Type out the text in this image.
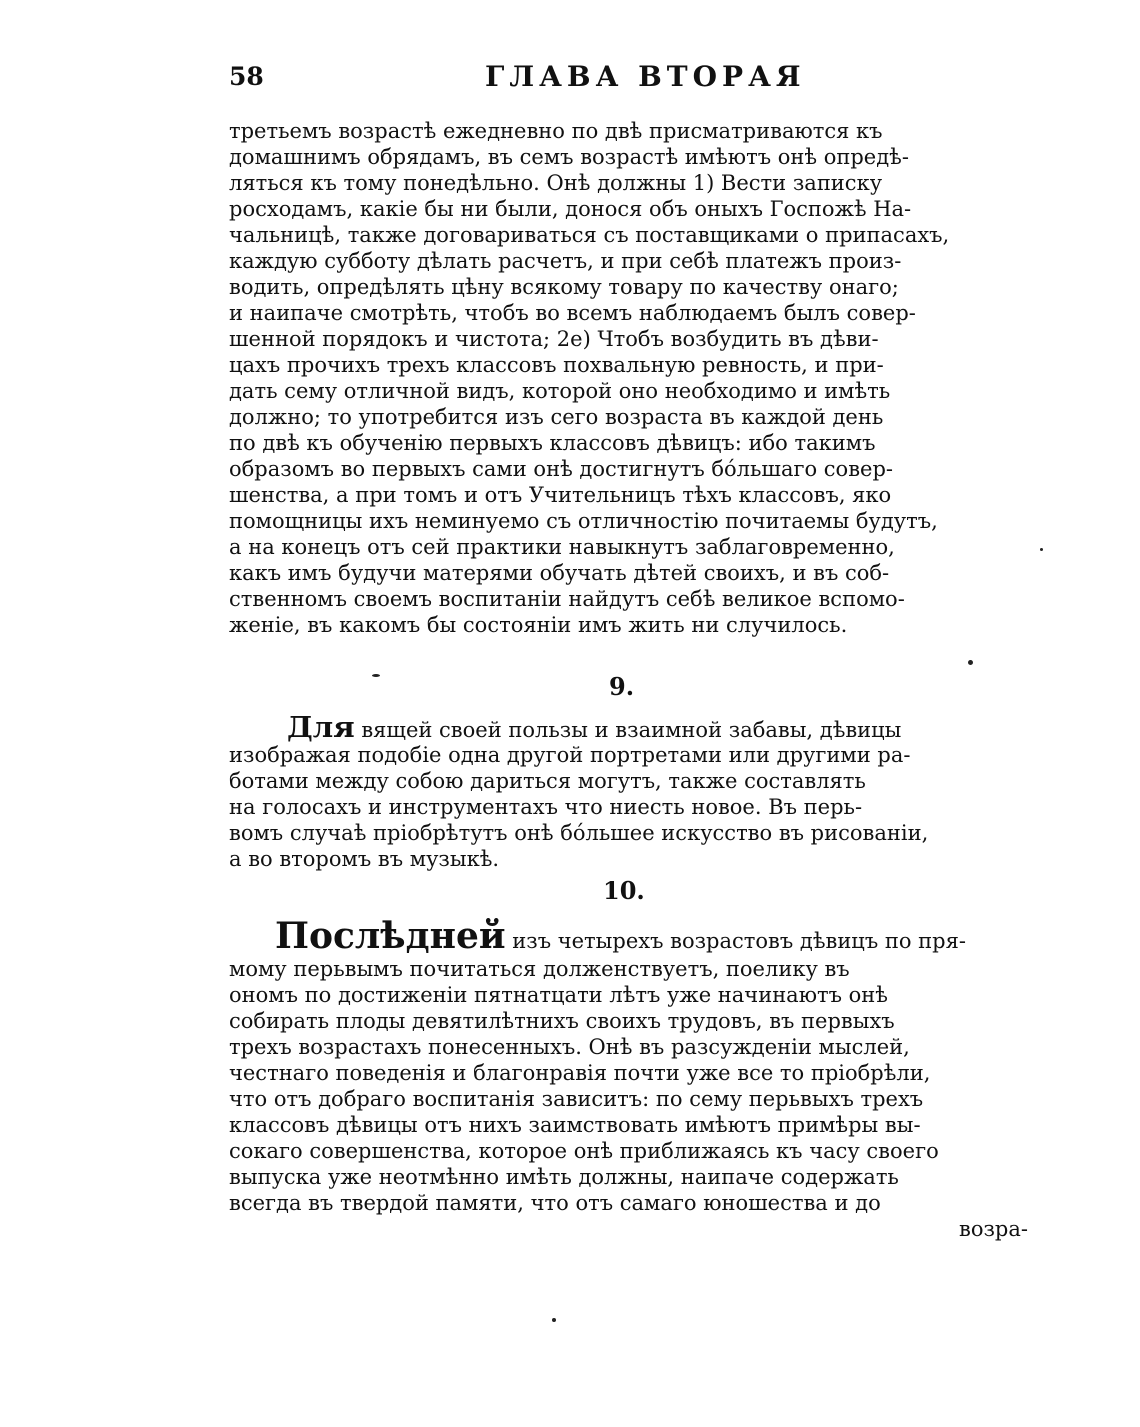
58	ГЛАВА ВТОРАЯ
третьемъ возрастѣ ежедневно по двѣ присматриваются къ
домашнимъ обрядамъ, въ семъ возрастѣ имѣютъ онѣ опредѣ-
ляться къ тому понедѣльно. Онѣ должны 1) Вести записку
росходамъ, какіе бы ни были, донося объ оныхъ Госпожѣ На-
чальницѣ, также договариваться съ поставщиками о припасахъ,
каждую субботу дѣлать расчетъ, и при себѣ платежъ произ-
водить, опредѣлять цѣну всякому товару по качеству онаго;
и наипаче смотрѣть, чтобъ во всемъ наблюдаемъ былъ совер-
шенной порядокъ и чистота; 2е) Чтобъ возбудить въ дѣви-
цахъ прочихъ трехъ классовъ похвальную ревность, и при-
дать сему отличной видъ, которой оно необходимо и имѣть
должно; то употребится изъ сего возраста въ каждой день
по двѣ къ обученію первыхъ классовъ дѣвицъ: ибо такимъ
образомъ во первыхъ сами онѣ достигнутъ бóльшаго совер-
шенства, а при томъ и отъ Учительницъ тѣхъ классовъ, яко
помощницы ихъ неминуемо съ отличностію почитаемы будутъ,
а на конецъ отъ сей практики навыкнутъ заблаговременно,
какъ имъ будучи матерями обучать дѣтей своихъ, и въ соб-
ственномъ своемъ воспитаніи найдутъ себѣ великое вспомо-
женіе, въ какомъ бы состояніи имъ жить ни случилось.
9.
Для вящей своей пользы и взаимной забавы, дѣвицы
изображая подобіе одна другой портретами или другими ра-
ботами между собою дариться могутъ, также составлять
на голосахъ и инструментахъ что ниесть новое. Въ перь-
вомъ случаѣ пріобрѣтутъ онѣ бóльшее искусство въ рисованіи,
а во второмъ въ музыкѣ.
10.
Послѣдней изъ четырехъ возрастовъ дѣвицъ по пря-
мому перьвымъ почитаться долженствуетъ, поелику въ
ономъ по достиженіи пятнатцати лѣтъ уже начинаютъ онѣ
собирать плоды девятилѣтнихъ своихъ трудовъ, въ первыхъ
трехъ возрастахъ понесенныхъ. Онѣ въ разсужденіи мыслей,
честнаго поведенія и благонравія почти уже все то пріобрѣли,
что отъ добраго воспитанія зависитъ: по сему перьвыхъ трехъ
классовъ дѣвицы отъ нихъ заимствовать имѣютъ примѣры вы-
сокаго совершенства, которое онѣ приближаясь къ часу своего
выпуска уже неотмѣнно имѣть должны, наипаче содержать
всегда въ твердой памяти, что отъ самаго юношества и до
возра-
